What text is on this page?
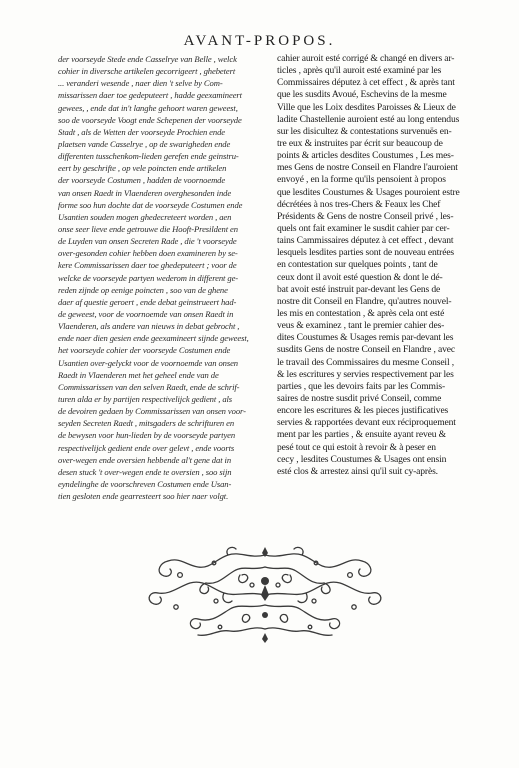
AVANT-PROPOS.
der voorseyde Stede ende Casselrye van Belle , welck
cohier in diversche artikelen gecorrigeert , ghebetert
... veranderi wesende , naer dien 't selve by Com-
missarissen daer toe gedeputeert , hadde geexamineert
gewees, , ende dat in't langhe gehoort waren geweest,
soo de voorseyde Voogt ende Schepenen der voorseyde
Stadt , als de Wetten der voorseyde Prochien ende
plaetsen vande Casselrye , op de swarigheden ende
differenten tusschenkom-lieden gerefen ende geinstru-
eert by geschrifte , op vele poincten ende artikelen
der voorseyde Costumen , hadden de voornoemde
van onsen Raedt in Vlaenderen overghesonden inde
forme soo hun dochte dat de voorseyde Costumen ende
Usantien souden mogen ghedecreteert worden , aen
onse seer lieve ende getrouwe die Hooft-Presildent en
de Luyden van onsen Secreten Rade , die 't voorseyde
over-gesonden cohier hebben doen examineren by se-
kere Commissarissen daer toe ghedeputeert ; voor de
welcke de voorseyde partyen wederom in different ge-
reden zijnde op eenige poincten , soo van de ghene
daer af questie geroert , ende debat geinstrueert had-
de geweest, voor de voornoemde van onsen Raedt in
Vlaenderen, als andere van nieuws in debat gebrocht ,
ende naer dien gesien ende geexamineert sijnde geweest,
het voorseyde cohier der voorseyde Costumen ende
Usantien over-gelyckt voor de voornoemde van onsen
Raedt in Vlaenderen met het geheel ende van de
Commissarissen van den selven Raedt, ende de schrif-
turen alda er by partijen respectivelijck gedient , als
de devoiren gedaen by Commissarissen van onsen voor-
seyden Secreten Raedt , mitsgaders de schrifturen en
de bewysen voor hun-lieden by de voorseyde partyen
respectivelijck gedient ende over gelevt , ende voorts
over-wegen ende oversien hebbende al't gene dat in
desen stuck 't over-wegen ende te oversien , soo sijn
eyndelinghe de voorschreven Costumen ende Usan-
tien gesloten ende gearresteert soo hier naer volgt.
cahier auroit esté corrigé & changé en divers ar-
ticles , après qu'il auroit esté examiné par les
Commissaires députez à cet effect , & après tant
que les susdits Avoué, Eschevins de la mesme
Ville que les Loix desdites Paroisses & Lieux de
ladite Chastellenie auroient esté au long entendus
sur les disicultez & contestations survenuës en-
tre eux & instruites par écrit sur beaucoup de
points & articles desdites Coustumes , Les mes-
mes Gens de nostre Conseil en Flandre l'auroient
envoyé , en la forme qu'ils pensoient à propos
que lesdites Coustumes & Usages pouroient estre
décrétées à nos tres-Chers & Feaux les Chef
Présidents & Gens de nostre Conseil privé , les-
quels ont fait examiner le susdit cahier par cer-
tains Cammissaires députez à cet effect , devant
lesquels lesdites parties sont de nouveau entrées
en contestation sur quelques points , tant de
ceux dont il avoit esté question & dont le dé-
bat avoit esté instruit par-devant les Gens de
nostre dit Conseil en Flandre, qu'autres nouvel-
les mis en contestation , & après cela ont esté
veus & examinez , tant le premier cahier des-
dites Coustumes & Usages remis par-devant les
susdits Gens de nostre Conseil en Flandre , avec
le travail des Commissaires du mesme Conseil ,
& les escritures y servies respectivement par les
parties , que les devoirs faits par les Commis-
saires de nostre susdit privé Conseil, comme
encore les escritures & les pieces justificatives
servies & rapportées devant eux réciproquement
ment par les parties , & ensuite ayant reveu &
pesé tout ce qui estoit à revoir & à peser en
cecy , lesdites Coustumes & Usages ont ensin
esté clos & arrestez ainsi qu'il suit cy-après.
